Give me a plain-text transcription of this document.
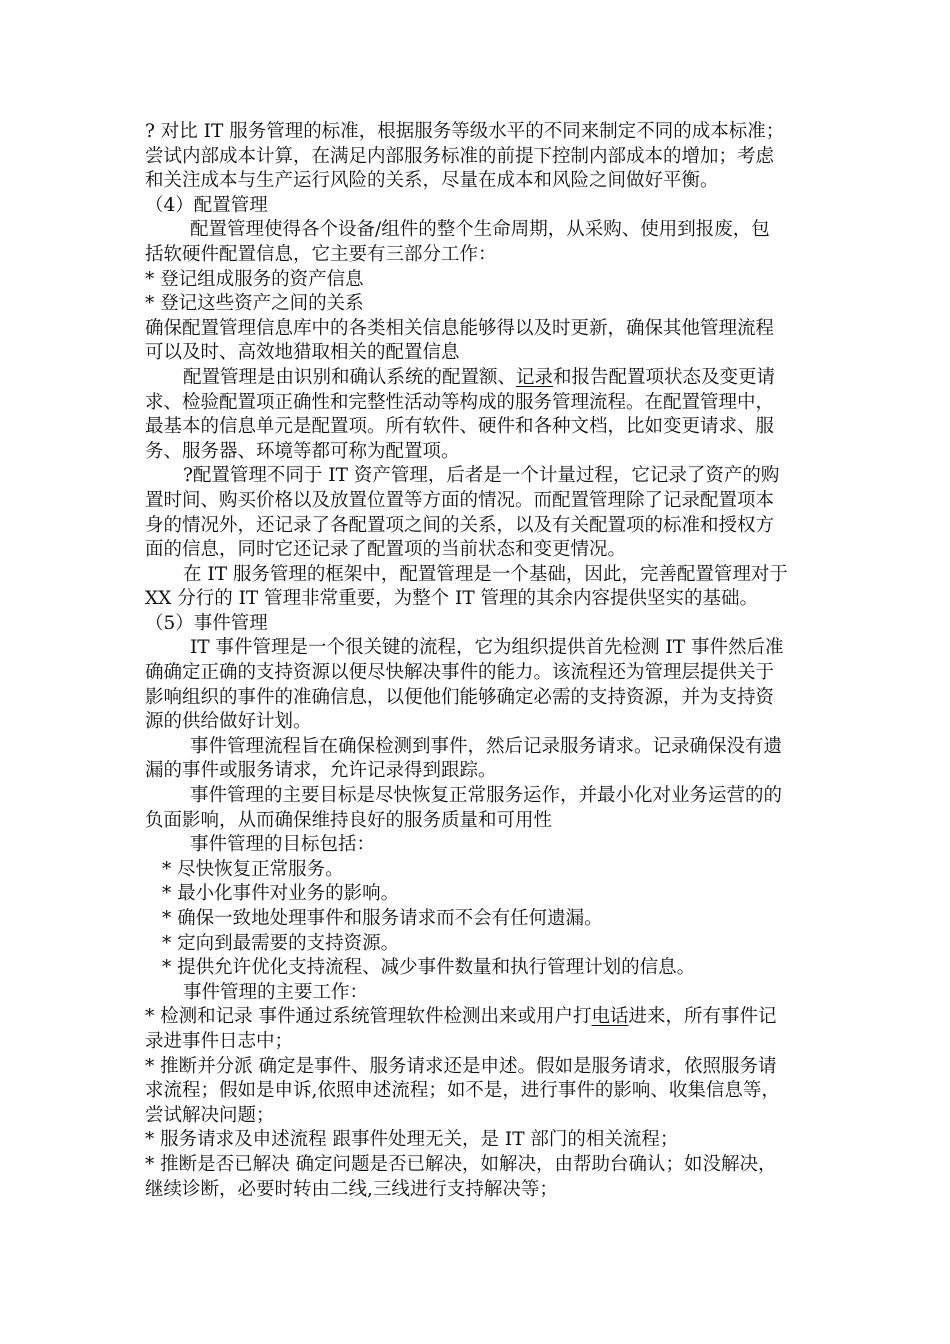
? 对比 IT 服务管理的标准，根据服务等级水平的不同来制定不同的成本标准；
尝试内部成本计算，在满足内部服务标准的前提下控制内部成本的增加；考虑
和关注成本与生产运行风险的关系，尽量在成本和风险之间做好平衡。
（4）配置管理
配置管理使得各个设备/组件的整个生命周期，从采购、使用到报废，包
括软硬件配置信息，它主要有三部分工作：
* 登记组成服务的资产信息
* 登记这些资产之间的关系
确保配置管理信息库中的各类相关信息能够得以及时更新，确保其他管理流程
可以及时、高效地猎取相关的配置信息
配置管理是由识别和确认系统的配置额、记录和报告配置项状态及变更请
求、检验配置项正确性和完整性活动等构成的服务管理流程。在配置管理中，
最基本的信息单元是配置项。所有软件、硬件和各种文档，比如变更请求、服
务、服务器、环境等都可称为配置项。
?配置管理不同于 IT 资产管理，后者是一个计量过程，它记录了资产的购
置时间、购买价格以及放置位置等方面的情况。而配置管理除了记录配置项本
身的情况外，还记录了各配置项之间的关系，以及有关配置项的标准和授权方
面的信息，同时它还记录了配置项的当前状态和变更情况。
在 IT 服务管理的框架中，配置管理是一个基础，因此，完善配置管理对于
XX 分行的 IT 管理非常重要，为整个 IT 管理的其余内容提供坚实的基础。
（5）事件管理
IT 事件管理是一个很关键的流程，它为组织提供首先检测 IT 事件然后准
确确定正确的支持资源以便尽快解决事件的能力。该流程还为管理层提供关于
影响组织的事件的准确信息，以便他们能够确定必需的支持资源，并为支持资
源的供给做好计划。
事件管理流程旨在确保检测到事件，然后记录服务请求。记录确保没有遗
漏的事件或服务请求，允许记录得到跟踪。
事件管理的主要目标是尽快恢复正常服务运作，并最小化对业务运营的的
负面影响，从而确保维持良好的服务质量和可用性
事件管理的目标包括：
* 尽快恢复正常服务。
* 最小化事件对业务的影响。
* 确保一致地处理事件和服务请求而不会有任何遗漏。
* 定向到最需要的支持资源。
* 提供允许优化支持流程、减少事件数量和执行管理计划的信息。
事件管理的主要工作：
* 检测和记录 事件通过系统管理软件检测出来或用户打电话进来，所有事件记
录进事件日志中；
* 推断并分派 确定是事件、服务请求还是申述。假如是服务请求，依照服务请
求流程；假如是申诉,依照申述流程；如不是，进行事件的影响、收集信息等，
尝试解决问题；
* 服务请求及申述流程 跟事件处理无关，是 IT 部门的相关流程；
* 推断是否已解决 确定问题是否已解决，如解决，由帮助台确认；如没解决，
继续诊断，必要时转由二线,三线进行支持解决等；
